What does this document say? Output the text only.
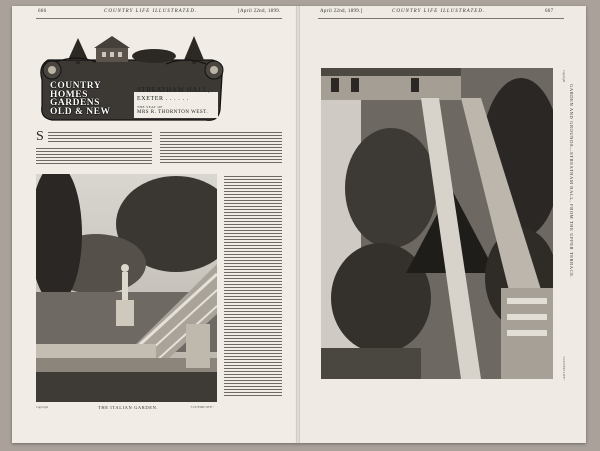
666	COUNTRY LIFE ILLUSTRATED.	[April 22nd, 1899.	April 22nd, 1899.]	COUNTRY LIFE ILLUSTRATED.	667
COUNTRY
HOMES
GARDENS
OLD & NEW
STREATHAM HALL,
EXETER . . . . . .
THE SEAT OF
MRS R. THORNTON WEST.
S
Copyright	THE ITALIAN GARDEN.	"COUNTRY LIFE."
GARDEN AND GROUNDS—STREATHAM HALL, FROM THE UPPER TERRACE.
Copyright
"COUNTRY LIFE."
